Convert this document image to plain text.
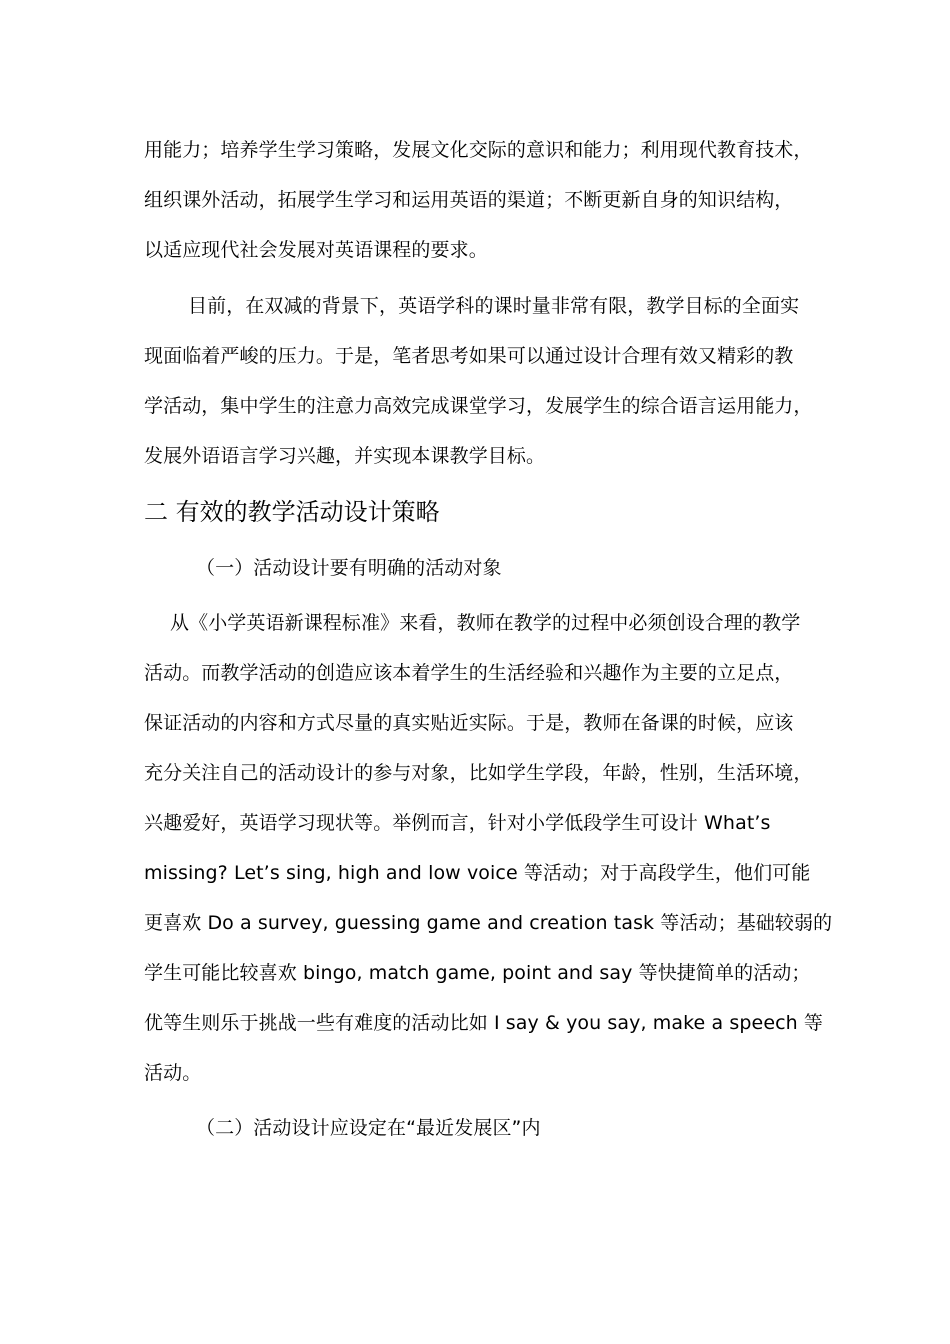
用能力；培养学生学习策略，发展文化交际的意识和能力；利用现代教育技术，
组织课外活动，拓展学生学习和运用英语的渠道；不断更新自身的知识结构，
以适应现代社会发展对英语课程的要求。
目前，在双减的背景下，英语学科的课时量非常有限，教学目标的全面实
现面临着严峻的压力。于是，笔者思考如果可以通过设计合理有效又精彩的教
学活动，集中学生的注意力高效完成课堂学习，发展学生的综合语言运用能力，
发展外语语言学习兴趣，并实现本课教学目标。
二 有效的教学活动设计策略
（一）活动设计要有明确的活动对象
从《小学英语新课程标准》来看，教师在教学的过程中必须创设合理的教学
活动。而教学活动的创造应该本着学生的生活经验和兴趣作为主要的立足点，
保证活动的内容和方式尽量的真实贴近实际。于是，教师在备课的时候，应该
充分关注自己的活动设计的参与对象，比如学生学段，年龄，性别，生活环境，
兴趣爱好，英语学习现状等。举例而言，针对小学低段学生可设计 What’s
missing? Let’s sing, high and low voice 等活动；对于高段学生，他们可能
更喜欢 Do a survey, guessing game and creation task 等活动；基础较弱的
学生可能比较喜欢 bingo, match game, point and say 等快捷简单的活动；
优等生则乐于挑战一些有难度的活动比如 I say & you say, make a speech 等
活动。
（二）活动设计应设定在“最近发展区”内
